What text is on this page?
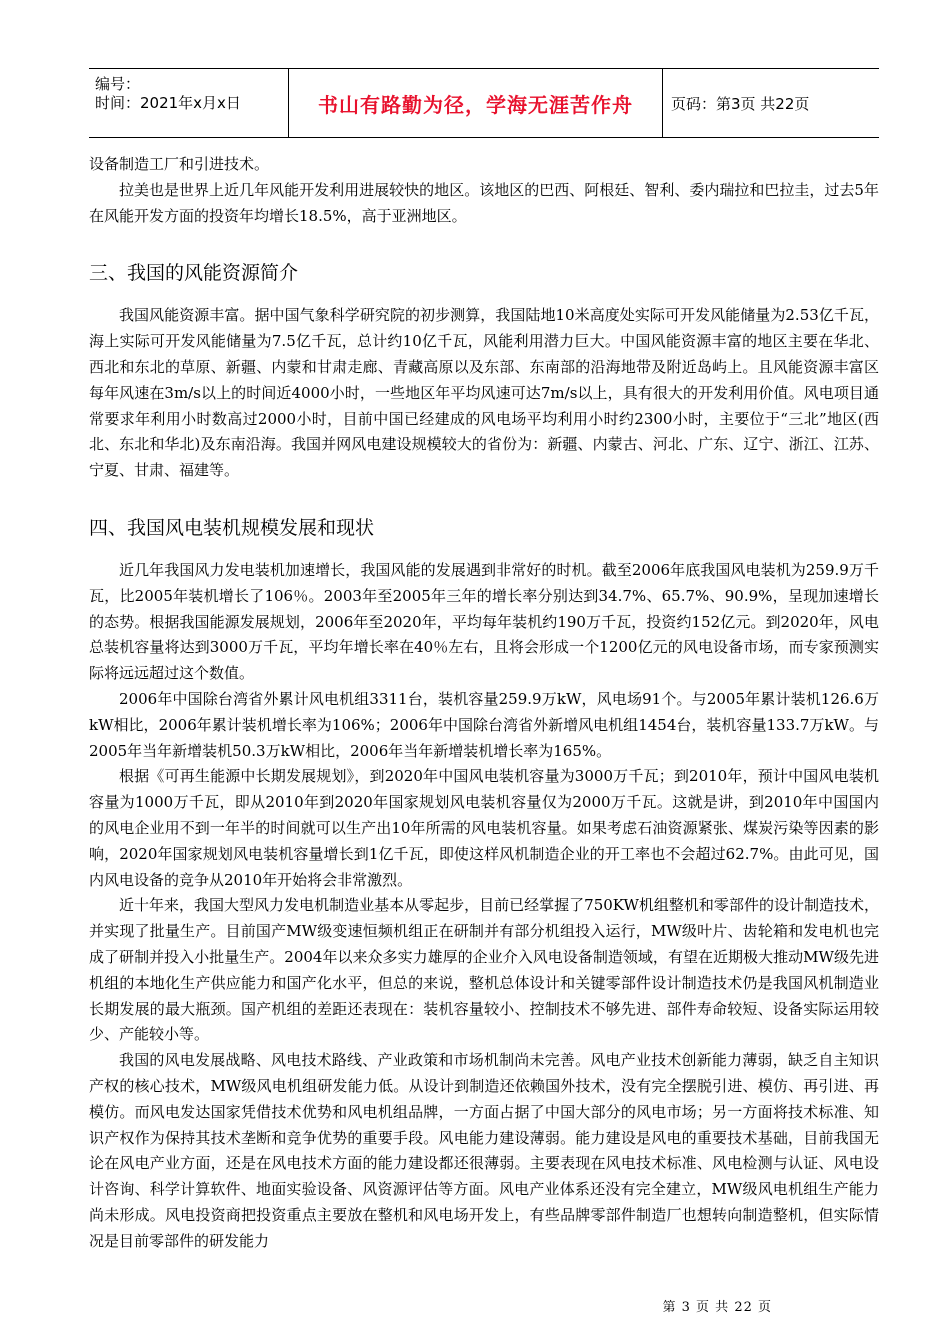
编号：
时间：2021年x月x日	书山有路勤为径，学海无涯苦作舟	页码：第3页 共22页

设备制造工厂和引进技术。

拉美也是世界上近几年风能开发利用进展较快的地区。该地区的巴西、阿根廷、智利、委内瑞拉和巴拉圭，过去5年在风能开发方面的投资年均增长18.5%，高于亚洲地区。

三、我国的风能资源简介

我国风能资源丰富。据中国气象科学研究院的初步测算，我国陆地10米高度处实际可开发风能储量为2.53亿千瓦，海上实际可开发风能储量为7.5亿千瓦，总计约10亿千瓦，风能利用潜力巨大。中国风能资源丰富的地区主要在华北、西北和东北的草原、新疆、内蒙和甘肃走廊、青藏高原以及东部、东南部的沿海地带及附近岛屿上。且风能资源丰富区每年风速在3m/s以上的时间近4000小时，一些地区年平均风速可达7m/s以上，具有很大的开发利用价值。风电项目通常要求年利用小时数高过2000小时，目前中国已经建成的风电场平均利用小时约2300小时，主要位于“三北”地区(西北、东北和华北)及东南沿海。我国并网风电建设规模较大的省份为：新疆、内蒙古、河北、广东、辽宁、浙江、江苏、宁夏、甘肃、福建等。

四、我国风电装机规模发展和现状

近几年我国风力发电装机加速增长，我国风能的发展遇到非常好的时机。截至2006年底我国风电装机为259.9万千瓦，比2005年装机增长了106％。2003年至2005年三年的增长率分别达到34.7%、65.7%、90.9%，呈现加速增长的态势。根据我国能源发展规划，2006年至2020年，平均每年装机约190万千瓦，投资约152亿元。到2020年，风电总装机容量将达到3000万千瓦，平均年增长率在40％左右，且将会形成一个1200亿元的风电设备市场，而专家预测实际将远远超过这个数值。

2006年中国除台湾省外累计风电机组3311台，装机容量259.9万kW，风电场91个。与2005年累计装机126.6万kW相比，2006年累计装机增长率为106%；2006年中国除台湾省外新增风电机组1454台，装机容量133.7万kW。与2005年当年新增装机50.3万kW相比，2006年当年新增装机增长率为165%。

根据《可再生能源中长期发展规划》，到2020年中国风电装机容量为3000万千瓦；到2010年，预计中国风电装机容量为1000万千瓦，即从2010年到2020年国家规划风电装机容量仅为2000万千瓦。这就是讲，到2010年中国国内的风电企业用不到一年半的时间就可以生产出10年所需的风电装机容量。如果考虑石油资源紧张、煤炭污染等因素的影响，2020年国家规划风电装机容量增长到1亿千瓦，即使这样风机制造企业的开工率也不会超过62.7%。由此可见，国内风电设备的竞争从2010年开始将会非常激烈。

近十年来，我国大型风力发电机制造业基本从零起步，目前已经掌握了750KW机组整机和零部件的设计制造技术，并实现了批量生产。目前国产MW级变速恒频机组正在研制并有部分机组投入运行，MW级叶片、齿轮箱和发电机也完成了研制并投入小批量生产。2004年以来众多实力雄厚的企业介入风电设备制造领域，有望在近期极大推动MW级先进机组的本地化生产供应能力和国产化水平，但总的来说，整机总体设计和关键零部件设计制造技术仍是我国风机制造业长期发展的最大瓶颈。国产机组的差距还表现在：装机容量较小、控制技术不够先进、部件寿命较短、设备实际运用较少、产能较小等。

我国的风电发展战略、风电技术路线、产业政策和市场机制尚未完善。风电产业技术创新能力薄弱，缺乏自主知识产权的核心技术，MW级风电机组研发能力低。从设计到制造还依赖国外技术，没有完全摆脱引进、模仿、再引进、再模仿。而风电发达国家凭借技术优势和风电机组品牌，一方面占据了中国大部分的风电市场；另一方面将技术标准、知识产权作为保持其技术垄断和竞争优势的重要手段。风电能力建设薄弱。能力建设是风电的重要技术基础，目前我国无论在风电产业方面，还是在风电技术方面的能力建设都还很薄弱。主要表现在风电技术标准、风电检测与认证、风电设计咨询、科学计算软件、地面实验设备、风资源评估等方面。风电产业体系还没有完全建立，MW级风电机组生产能力尚未形成。风电投资商把投资重点主要放在整机和风电场开发上，有些品牌零部件制造厂也想转向制造整机，但实际情况是目前零部件的研发能力

第 3 页 共 22 页
